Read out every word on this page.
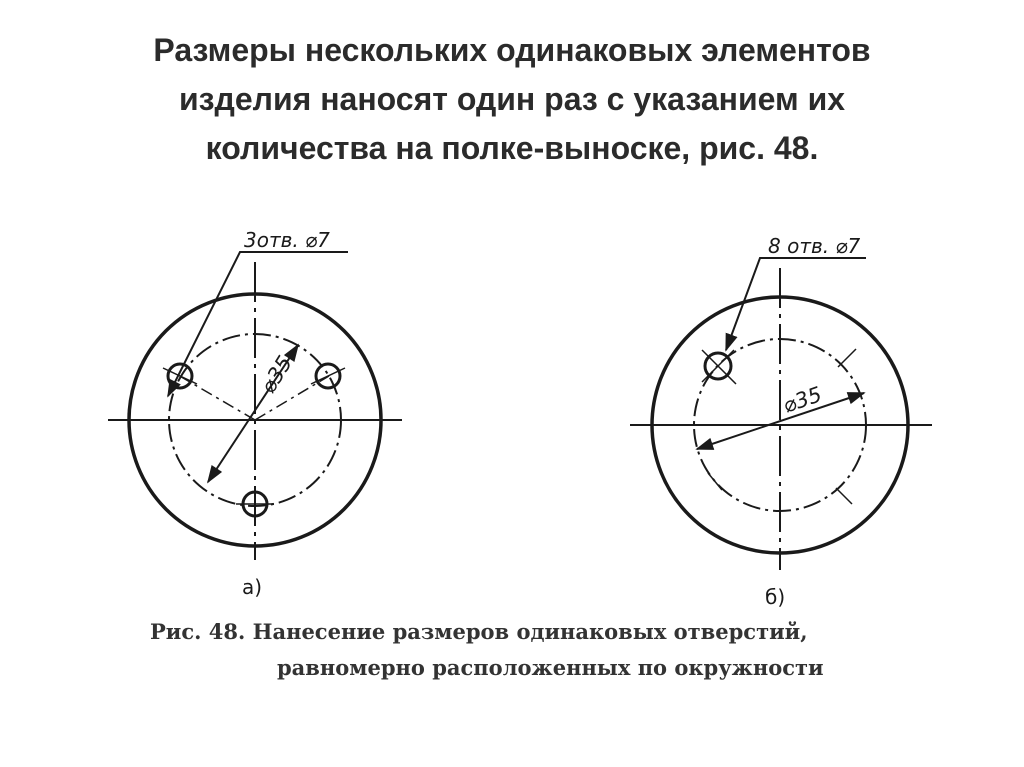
Размеры нескольких одинаковых элементов
изделия наносят один раз с указанием их
количества на полке-выноске, рис. 48.
3отв. ⌀7
⌀35
а)
8 отв. ⌀7
⌀35
б)
Рис. 48. Нанесение размеров одинаковых отверстий,
равномерно расположенных по окружности
